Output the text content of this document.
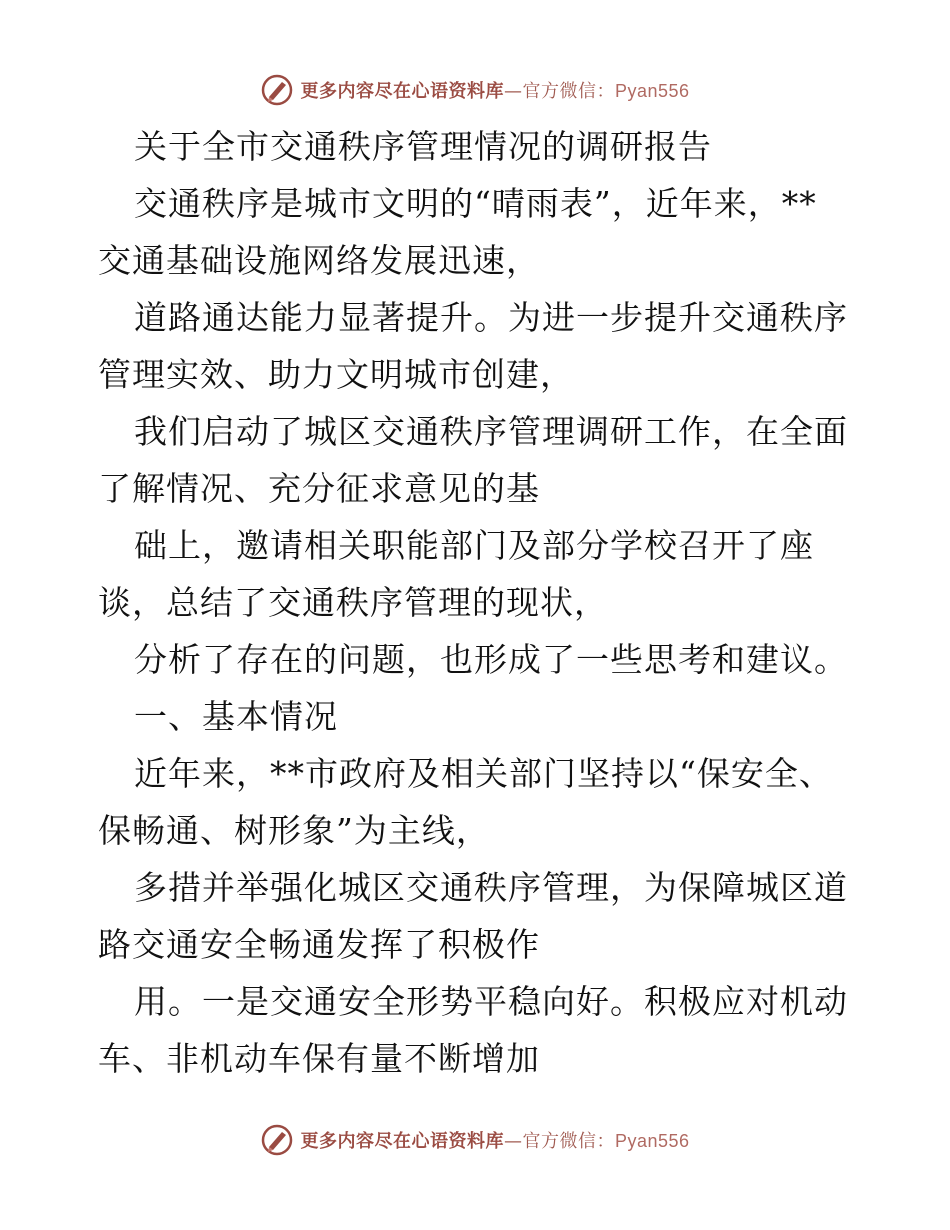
更多内容尽在心语资料库—官方微信：Pyan556
关于全市交通秩序管理情况的调研报告
交通秩序是城市文明的“晴雨表”，近年来，**
交通基础设施网络发展迅速，
道路通达能力显著提升。为进一步提升交通秩序
管理实效、助力文明城市创建，
我们启动了城区交通秩序管理调研工作，在全面
了解情况、充分征求意见的基
础上，邀请相关职能部门及部分学校召开了座
谈，总结了交通秩序管理的现状，
分析了存在的问题，也形成了一些思考和建议。
一、基本情况
近年来，**市政府及相关部门坚持以“保安全、
保畅通、树形象”为主线，
多措并举强化城区交通秩序管理，为保障城区道
路交通安全畅通发挥了积极作
用。一是交通安全形势平稳向好。积极应对机动
车、非机动车保有量不断增加
更多内容尽在心语资料库—官方微信：Pyan556
